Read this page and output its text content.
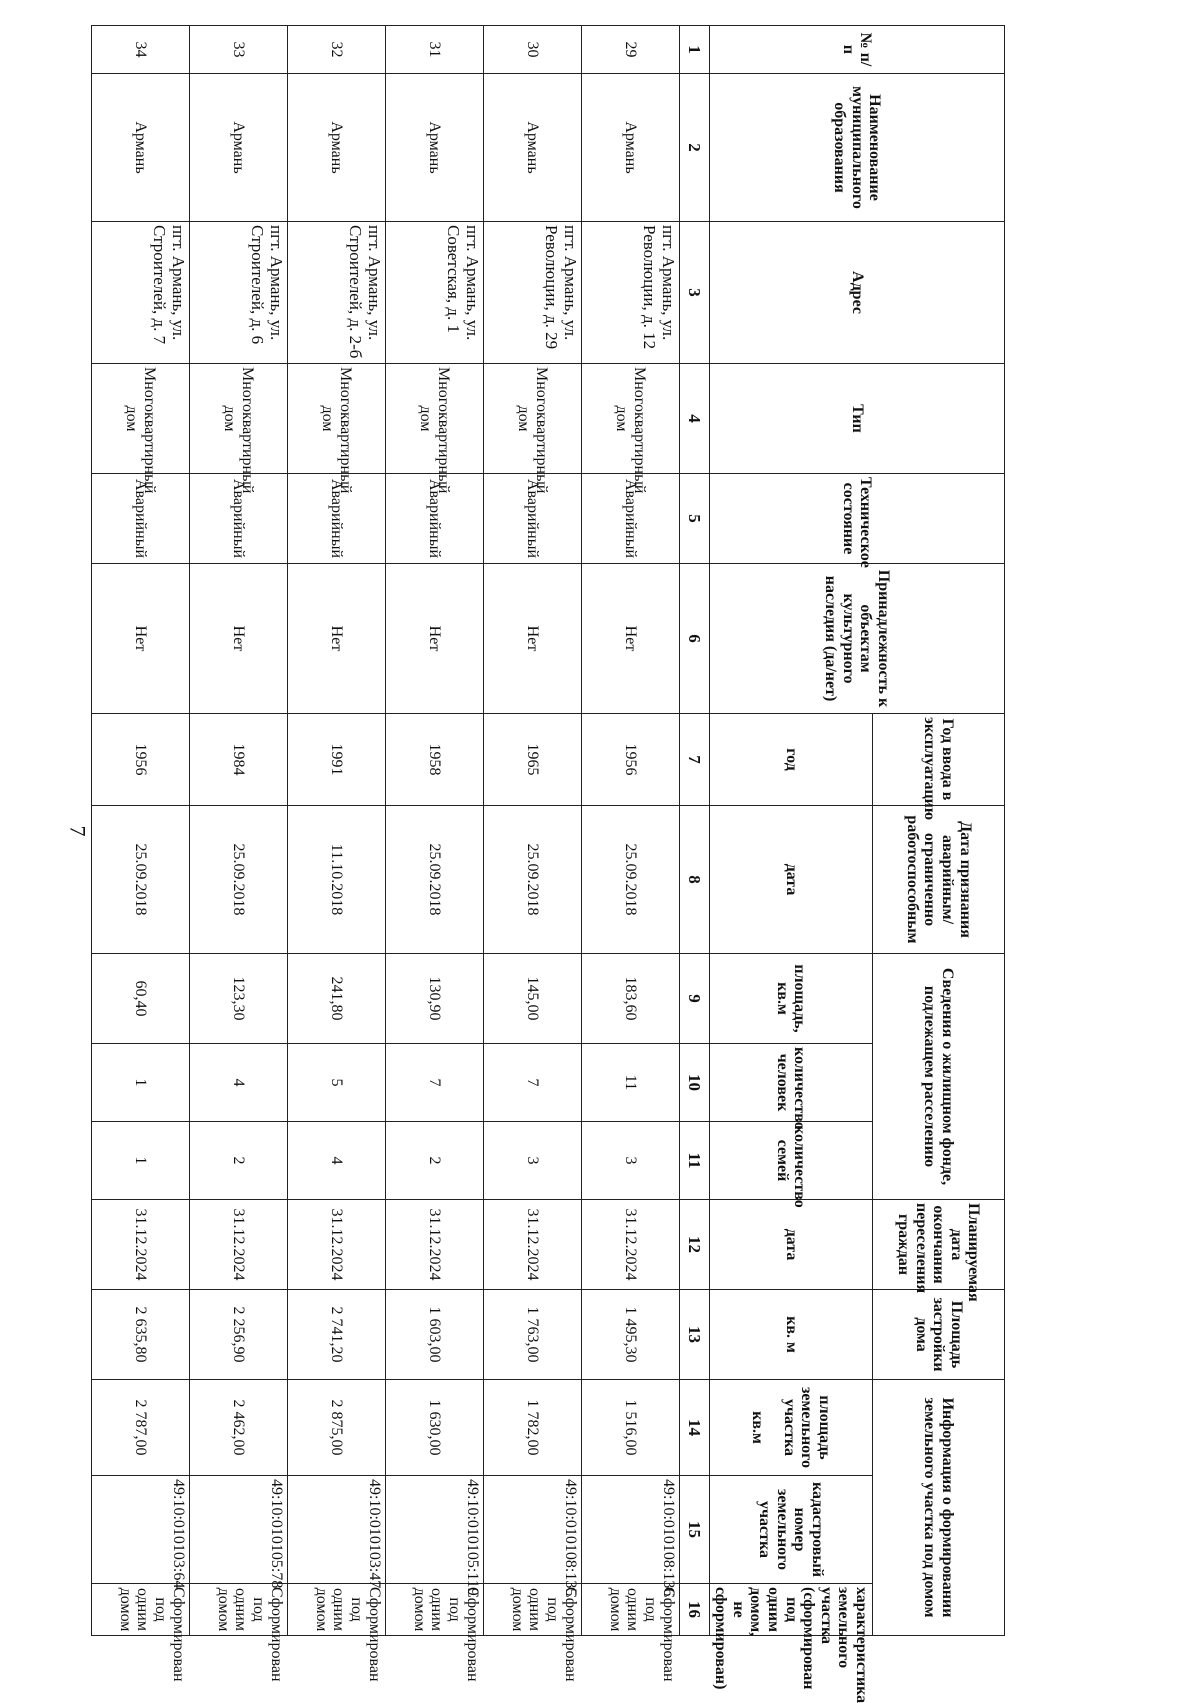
7
№ п/п	Наименование муниципального образования	Адрес	Тип	Техническое состояние	Принадлежность к объектам культурного наследия (да/нет)	Год ввода в эксплуатацию	Дата признания аварийным/ ограниченно работоспособным	Сведения о жилищном фонде, подлежащем расселению			Планируемая дата окончания переселения граждан	Площадь застройки дома	Информация о формировании земельного участка под домом		
						год	дата	площадь, кв.м	количество человек	количество семей	дата	кв. м	площадь земельного участка
кв.м	кадастровый номер земельного участка	характеристика земельного участка (сформирован под одним домом, не сформирован)
1	2	3	4	5	6	7	8	9	10	11	12	13	14	15	16
29	Армань	пгт. Армань, ул. Революции, д. 12	Многоквартирный дом	Аварийный	Нет	1956	25.09.2018	183,60	11	3	31.12.2024	1 495,30	1 516,00	49:10:010108:136	Сформирован под одним домом
30	Армань	пгт. Армань, ул. Революции, д. 29	Многоквартирный дом	Аварийный	Нет	1965	25.09.2018	145,00	7	3	31.12.2024	1 763,00	1 782,00	49:10:010108:135	Сформирован под одним домом
31	Армань	пгт. Армань, ул. Советская, д. 1	Многоквартирный дом	Аварийный	Нет	1958	25.09.2018	130,90	7	2	31.12.2024	1 603,00	1 630,00	49:10:010105:119	Сформирован под одним домом
32	Армань	пгт. Армань, ул. Строителей, д. 2-б	Многоквартирный дом	Аварийный	Нет	1991	11.10.2018	241,80	5	4	31.12.2024	2 741,20	2 875,00	49:10:010103:47	Сформирован под одним домом
33	Армань	пгт. Армань, ул. Строителей, д. 6	Многоквартирный дом	Аварийный	Нет	1984	25.09.2018	123,30	4	2	31.12.2024	2 256,90	2 462,00	49:10:010105:78	Сформирован под одним домом
34	Армань	пгт. Армань, ул. Строителей, д. 7	Многоквартирный дом	Аварийный	Нет	1956	25.09.2018	60,40	1	1	31.12.2024	2 635,80	2 787,00	49:10:010103:64	Сформирован под одним домом
